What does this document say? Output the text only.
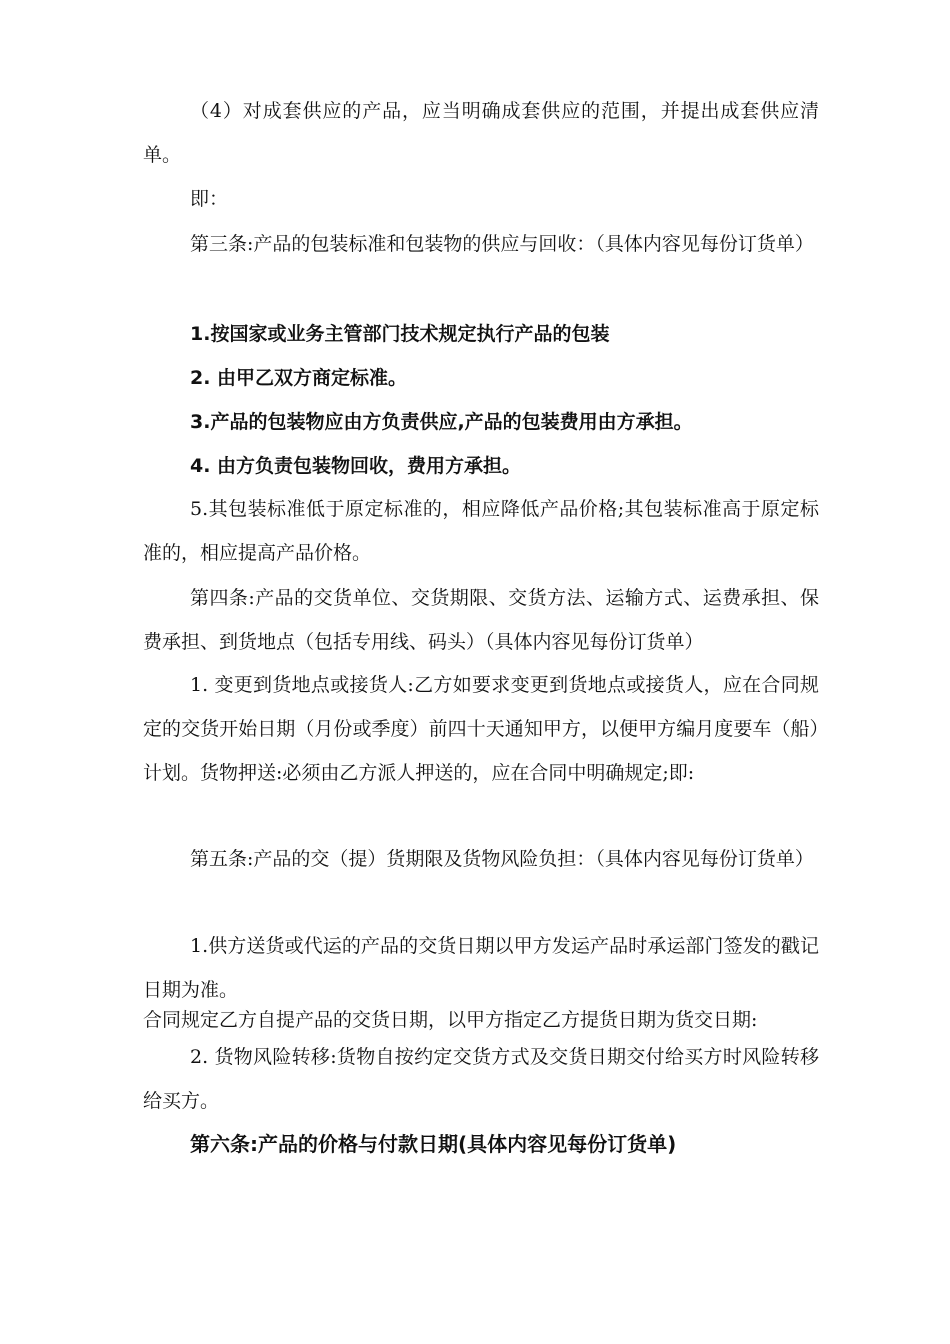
（4）对成套供应的产品，应当明确成套供应的范围，并提出成套供应清单。

即：

第三条:产品的包装标准和包装物的供应与回收：（具体内容见每份订货单）

1.按国家或业务主管部门技术规定执行产品的包装

2. 由甲乙双方商定标准。

3.产品的包装物应由方负责供应,产品的包装费用由方承担。

4. 由方负责包装物回收，费用方承担。

5.其包装标准低于原定标准的，相应降低产品价格;其包装标准高于原定标准的，相应提高产品价格。

第四条:产品的交货单位、交货期限、交货方法、运输方式、运费承担、保费承担、到货地点（包括专用线、码头）（具体内容见每份订货单）

1. 变更到货地点或接货人:乙方如要求变更到货地点或接货人，应在合同规定的交货开始日期（月份或季度）前四十天通知甲方，以便甲方编月度要车（船）计划。货物押送:必须由乙方派人押送的，应在合同中明确规定;即:

第五条:产品的交（提）货期限及货物风险负担：（具体内容见每份订货单）

1.供方送货或代运的产品的交货日期以甲方发运产品时承运部门签发的戳记日期为准。

合同规定乙方自提产品的交货日期，以甲方指定乙方提货日期为货交日期:

2. 货物风险转移:货物自按约定交货方式及交货日期交付给买方时风险转移给买方。

第六条:产品的价格与付款日期(具体内容见每份订货单)
